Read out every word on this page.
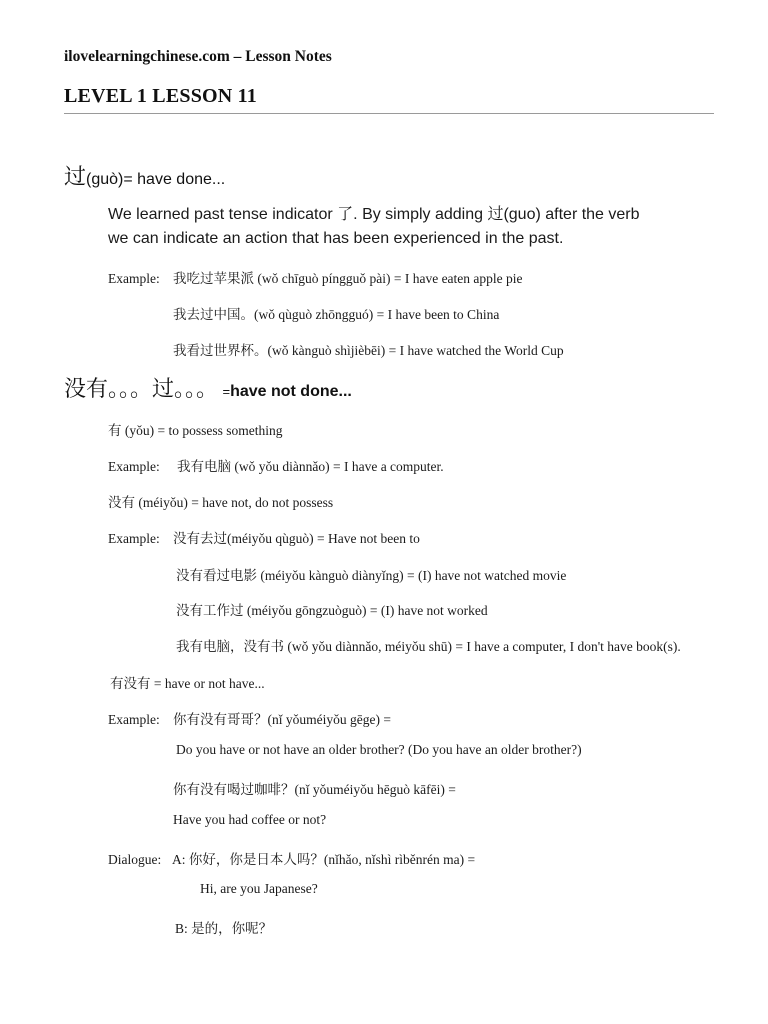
ilovelearningchinese.com – Lesson Notes
LEVEL 1 LESSON 11
过(guò)= have done...
We learned past tense indicator 了. By simply adding 过(guo) after the verb
we can indicate an action that has been experienced in the past.
Example: 我吃过苹果派 (wǒ chīguò píngguǒ pài) = I have eaten apple pie
我去过中国。(wǒ qùguò zhōngguó) = I have been to China
我看过世界杯。(wǒ kànguò shìjièbēi) = I have watched the World Cup
没有。。。过。。。 =have not done...
有 (yǒu) = to possess something
Example: 我有电脑 (wǒ yǒu diànnǎo) = I have a computer.
没有 (méiyǒu) = have not, do not possess
Example: 没有去过(méiyǒu qùguò) = Have not been to
没有看过电影 (méiyǒu kànguò diànyǐng) = (I) have not watched movie
没有工作过 (méiyǒu gōngzuòguò) = (I) have not worked
我有电脑，没有书 (wǒ yǒu diànnǎo, méiyǒu shū) = I have a computer, I don't have book(s).
有没有 = have or not have...
Example: 你有没有哥哥？(nǐ yǒuméiyǒu gēge) =
Do you have or not have an older brother? (Do you have an older brother?)
你有没有喝过咖啡？(nǐ yǒuméiyǒu hēguò kāfēi) =
Have you had coffee or not?
Dialogue: A: 你好，你是日本人吗？(nǐhǎo, nǐshì rìběnrén ma) =
Hi, are you Japanese?
B: 是的，你呢？
